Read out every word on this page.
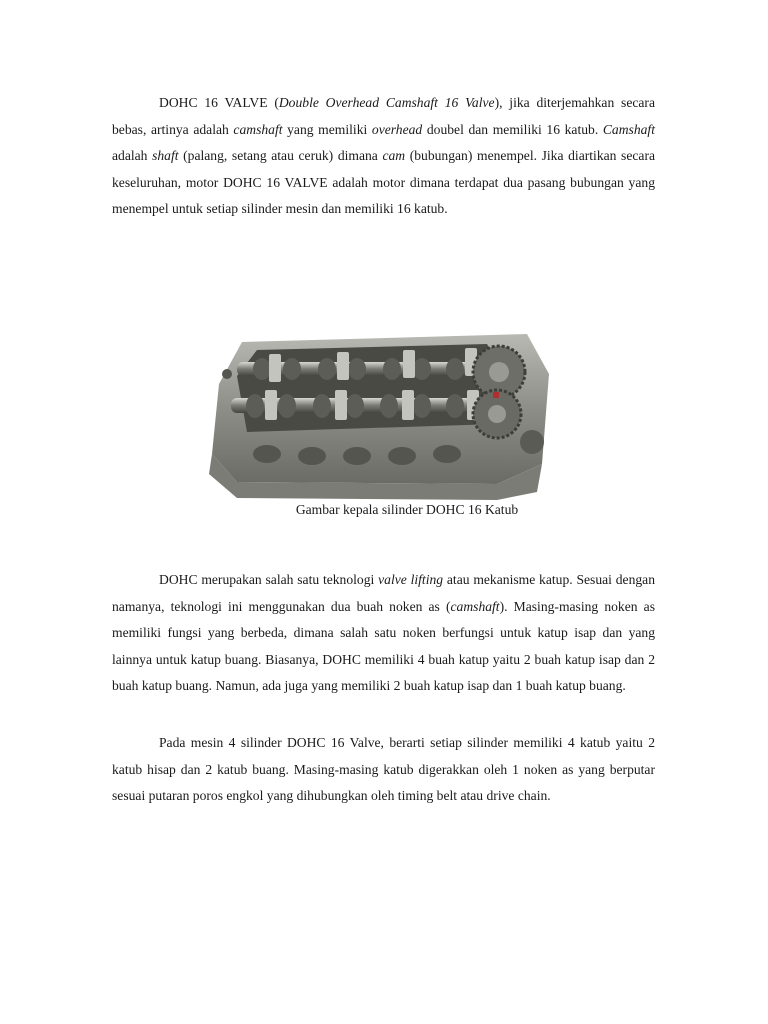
DOHC 16 VALVE (Double Overhead Camshaft 16 Valve), jika diterjemahkan secara bebas, artinya adalah camshaft yang memiliki overhead doubel dan memiliki 16 katub. Camshaft adalah shaft (palang, setang atau ceruk) dimana cam (bubungan) menempel. Jika diartikan secara keseluruhan, motor DOHC 16 VALVE adalah motor dimana terdapat dua pasang bubungan yang menempel untuk setiap silinder mesin dan memiliki 16 katub.

Gambar kepala silinder DOHC 16 Katub

DOHC merupakan salah satu teknologi valve lifting atau mekanisme katup. Sesuai dengan namanya, teknologi ini menggunakan dua buah noken as (camshaft). Masing-masing noken as memiliki fungsi yang berbeda, dimana salah satu noken berfungsi untuk katup isap dan yang lainnya untuk katup buang. Biasanya, DOHC memiliki 4 buah katup yaitu 2 buah katup isap dan 2 buah katup buang. Namun, ada juga yang memiliki 2 buah katup isap dan 1 buah katup buang.

Pada mesin 4 silinder DOHC 16 Valve, berarti setiap silinder memiliki 4 katub yaitu 2 katub hisap dan 2 katub buang. Masing-masing katub digerakkan oleh 1 noken as yang berputar sesuai putaran poros engkol yang dihubungkan oleh timing belt atau drive chain.
